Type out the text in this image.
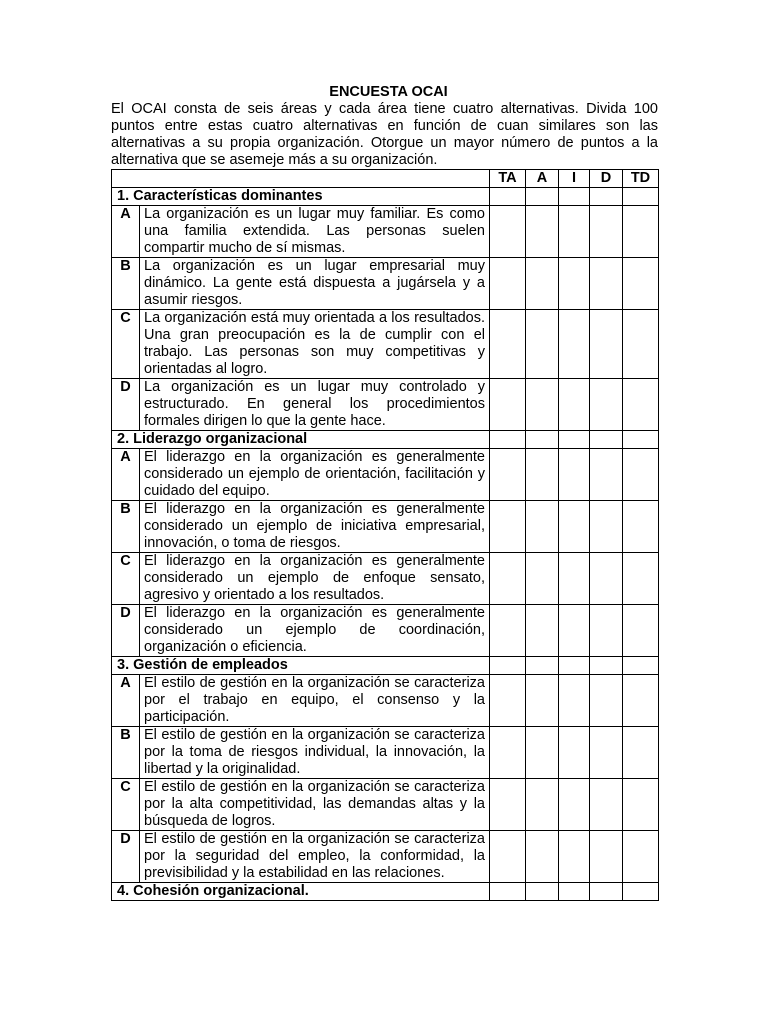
ENCUESTA OCAI

El OCAI consta de seis áreas y cada área tiene cuatro alternativas. Divida 100 puntos entre estas cuatro alternativas en función de cuan similares son las alternativas a su propia organización. Otorgue un mayor número de puntos a la alternativa que se asemeje más a su organización.

		TA	A	I	D	TD
1. Características dominantes						
A	La organización es un lugar muy familiar. Es como una familia extendida. Las personas suelen compartir mucho de sí mismas.					
B	La organización es un lugar empresarial muy dinámico. La gente está dispuesta a jugársela y a asumir riesgos.					
C	La organización está muy orientada a los resultados. Una gran preocupación es la de cumplir con el trabajo. Las personas son muy competitivas y orientadas al logro.					
D	La organización es un lugar muy controlado y estructurado. En general los procedimientos formales dirigen lo que la gente hace.					
2. Liderazgo organizacional						
A	El liderazgo en la organización es generalmente considerado un ejemplo de orientación, facilitación y cuidado del equipo.					
B	El liderazgo en la organización es generalmente considerado un ejemplo de iniciativa empresarial, innovación, o toma de riesgos.					
C	El liderazgo en la organización es generalmente considerado un ejemplo de enfoque sensato, agresivo y orientado a los resultados.					
D	El liderazgo en la organización es generalmente considerado un ejemplo de coordinación, organización o eficiencia.					
3. Gestión de empleados						
A	El estilo de gestión en la organización se caracteriza por el trabajo en equipo, el consenso y la participación.					
B	El estilo de gestión en la organización se caracteriza por la toma de riesgos individual, la innovación, la libertad y la originalidad.					
C	El estilo de gestión en la organización se caracteriza por la alta competitividad, las demandas altas y la búsqueda de logros.					
D	El estilo de gestión en la organización se caracteriza por la seguridad del empleo, la conformidad, la previsibilidad y la estabilidad en las relaciones.					
4. Cohesión organizacional.						
